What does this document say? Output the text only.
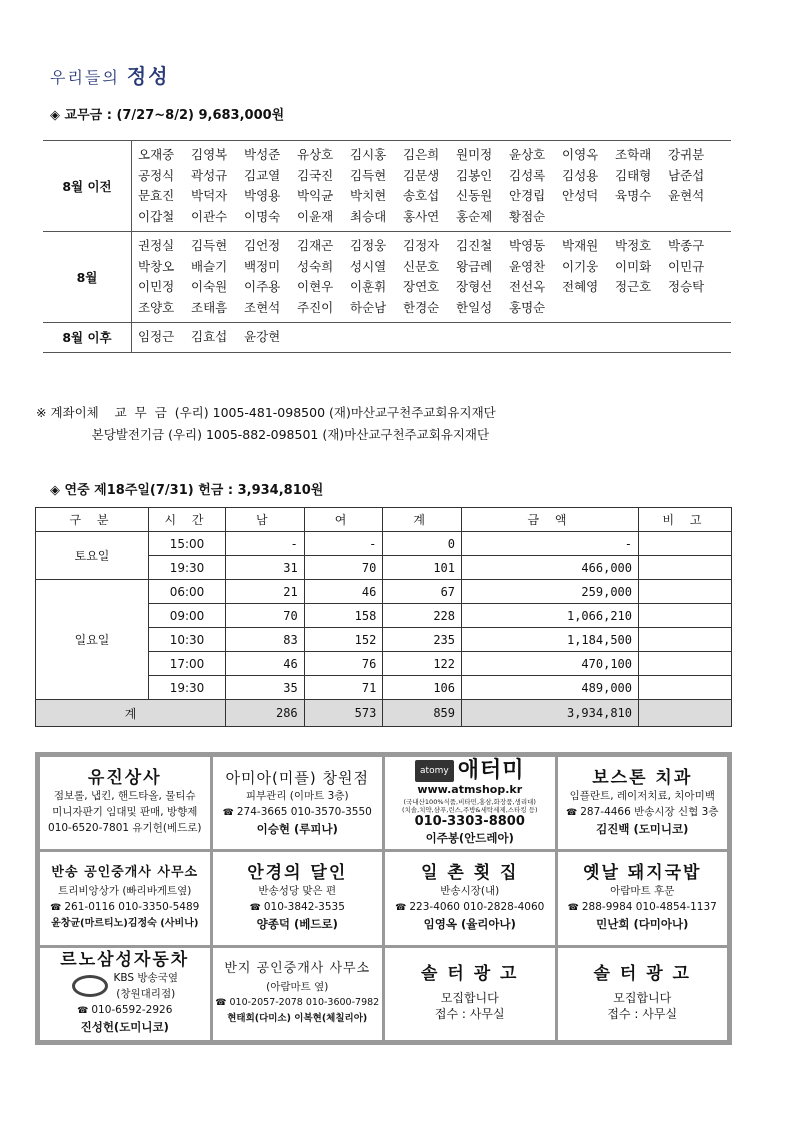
우리들의 정성
◈ 교무금 : (7/27~8/2) 9,683,000원
8월 이전	오재중 김영복 박성준 유상호 김시홍 김은희 원미정 윤상호 이영옥 조학래 강귀분
공정식 곽성규 김교열 김국진 김득현 김문생 김봉인 김성록 김성용 김태형 남준섭
문효진 박덕자 박영용 박익균 박치현 송호섭 신동원 안경립 안성덕 육명수 윤현석
이갑철 이관수 이명숙 이윤재 최승대 홍사연 홍순제 황점순

8월	권정실 김득현 김언정 김재곤 김정웅 김정자 김진철 박영동 박재원 박정호 박종구
박창오 배슬기 백정미 성숙희 성시열 신문호 왕금례 윤영찬 이기웅 이미화 이민규
이민정 이숙원 이주용 이현우 이훈휘 장연호 장형선 전선옥 전혜영 정근호 정승탁
조양호 조태흠 조현석 주진이 하순남 한경순 한일성 홍명순

8월 이후	임정근 김효섭 윤강현
※ 계좌이체 교  무  금 (우리) 1005-481-098500 (재)마산교구천주교회유지재단
본당발전기금 (우리) 1005-882-098501 (재)마산교구천주교회유지재단
◈ 연중 제18주일(7/31) 헌금 : 3,934,810원
구 분	시 간	남	여	계	금 액	비 고
토요일	15:00	-	-	0	-	
	19:30	31	70	101	466,000	
일요일	06:00	21	46	67	259,000	
	09:00	70	158	228	1,066,210	
	10:30	83	152	235	1,184,500	
	17:00	46	76	122	470,100	
	19:30	35	71	106	489,000	
계		286	573	859	3,934,810	
유진상사
점보롤, 냅킨, 핸드타올, 물티슈
미니자판기 임대및 판매, 방향제
010-6520-7801 유기헌(베드로)
아미아(미플) 창원점
피부관리 (이마트 3층)
☎ 274-3665 010-3570-3550
이승현 (루피나)
atomy 애터미
www.atmshop.kr
(국내산100%식품,비타민,홍삼,화장품,생리대)
(치솔,치약,샴푸,린스,주방&세탁세제,스타킹 등)
010-3303-8800
이주봉(안드레아)
보스톤 치과
임플란트, 레이저치료, 치아미백
☎ 287-4466 반송시장 신협 3층
김진백 (도미니코)
반송 공인중개사 사무소
트리비앙상가 (빠리바게트옆)
☎ 261-0116 010-3350-5489
윤창균(마르티노)김정숙 (사비나)
안경의 달인
반송성당 맞은 편
☎ 010-3842-3535
양종덕 (베드로)
일 촌 횟 집
반송시장(내)
☎ 223-4060 010-2828-4060
임영옥 (율리아나)
옛날 돼지국밥
아람마트 후문
☎ 288-9984 010-4854-1137
민난희 (다미아나)
르노삼성자동차
KBS 방송국옆
(창원대리점)
☎ 010-6592-2926
진성헌(도미니코)
반지 공인중개사 사무소
(아람마트 옆)
☎ 010-2057-2078 010-3600-7982
현태희(다미소) 이복현(체칠리아)
솔 터 광 고
모집합니다
접수 : 사무실
솔 터 광 고
모집합니다
접수 : 사무실
